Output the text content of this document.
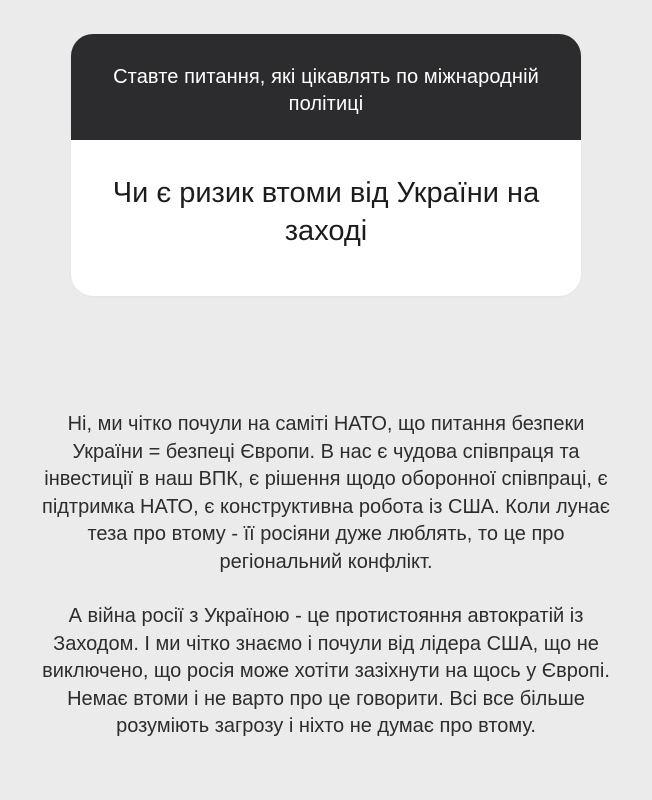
Ставте питання, які цікавлять по міжнародній політиці
Чи є ризик втоми від України на заході

Ні, ми чітко почули на саміті НАТО, що питання безпеки України = безпеці Європи. В нас є чудова співпраця та інвестиції в наш ВПК, є рішення щодо оборонної співпраці, є підтримка НАТО, є конструктивна робота із США. Коли лунає теза про втому - її росіяни дуже люблять, то це про регіональний конфлікт.

А війна росії з Україною - це протистояння автократій із Заходом. І ми чітко знаємо і почули від лідера США, що не виключено, що росія може хотіти зазіхнути на щось у Європі. Немає втоми і не варто про це говорити. Всі все більше розуміють загрозу і ніхто не думає про втому.
